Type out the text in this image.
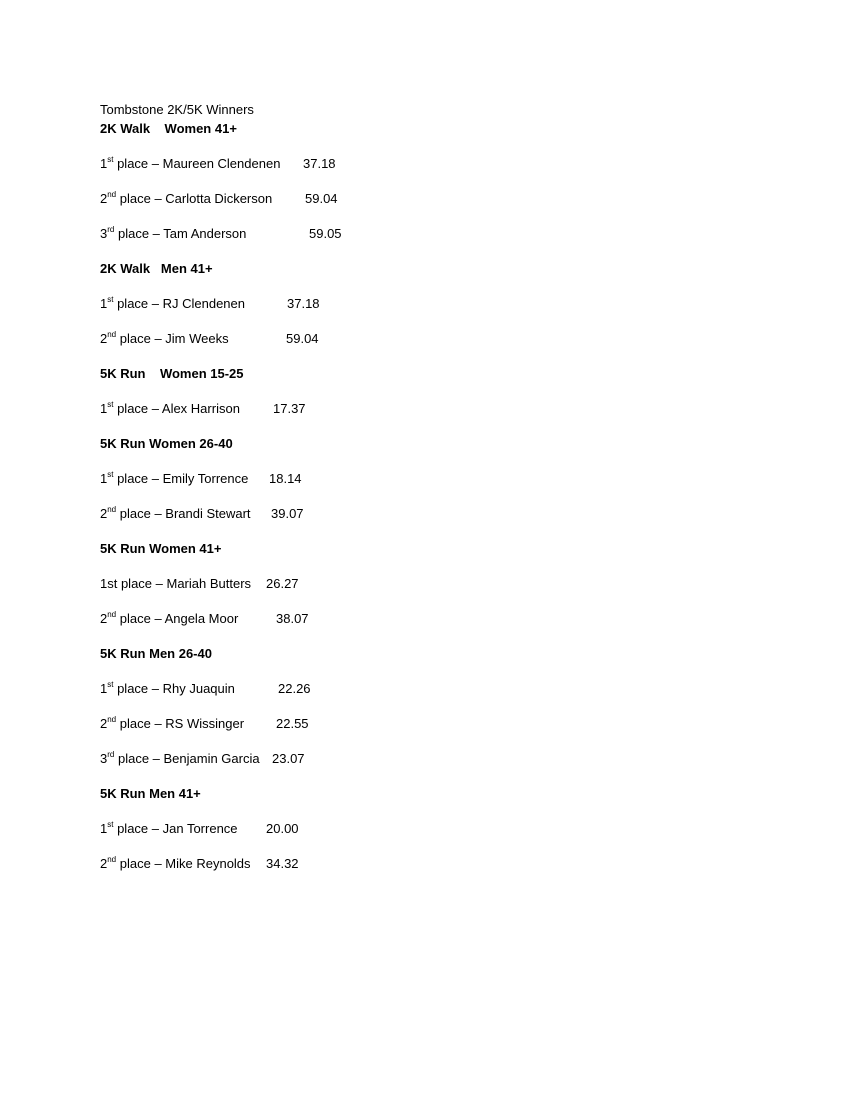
Tombstone 2K/5K Winners
2K Walk    Women 41+
1st place – Maureen Clendenen 37.18
2nd place – Carlotta Dickerson	59.04
3rd place – Tam Anderson	59.05
2K Walk   Men 41+
1st place – RJ Clendenen	37.18
2nd place – Jim Weeks	59.04
5K Run    Women 15-25
1st place – Alex Harrison	17.37
5K Run Women 26-40
1st place – Emily Torrence 18.14
2nd place – Brandi Stewart 39.07
5K Run Women 41+
1st place – Mariah Butters 26.27
2nd place – Angela Moor	38.07
5K Run Men 26-40
1st place – Rhy Juaquin	22.26
2nd place – RS Wissinger 22.55
3rd place – Benjamin Garcia 23.07
5K Run Men 41+
1st place – Jan Torrence 20.00
2nd place – Mike Reynolds 34.32
